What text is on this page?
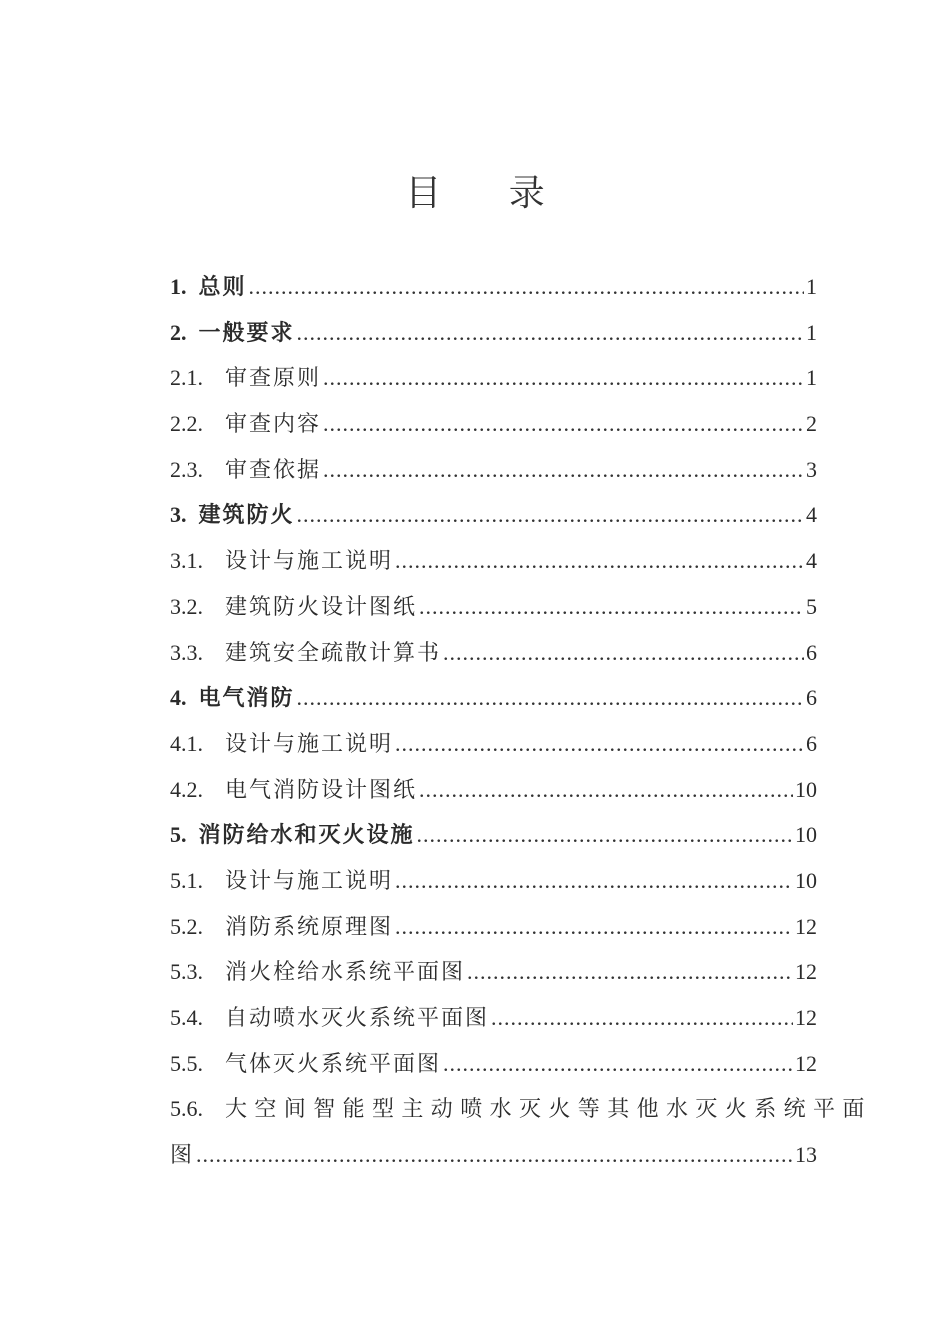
目 录
1. 总则 .....	1
2. 一般要求 .....	1
2.1. 审查原则 .....	1
2.2. 审查内容 .....	2
2.3. 审查依据 .....	3
3. 建筑防火 .....	4
3.1. 设计与施工说明 .....	4
3.2. 建筑防火设计图纸 .....	5
3.3. 建筑安全疏散计算书 .....	6
4. 电气消防 .....	6
4.1. 设计与施工说明 .....	6
4.2. 电气消防设计图纸 .....	10
5. 消防给水和灭火设施 .....	10
5.1. 设计与施工说明 .....	10
5.2. 消防系统原理图 .....	12
5.3. 消火栓给水系统平面图 .....	12
5.4. 自动喷水灭火系统平面图 .....	12
5.5. 气体灭火系统平面图 .....	12
5.6. 大空间智能型主动喷水灭火等其他水灭火系统平面
图 .....	13
